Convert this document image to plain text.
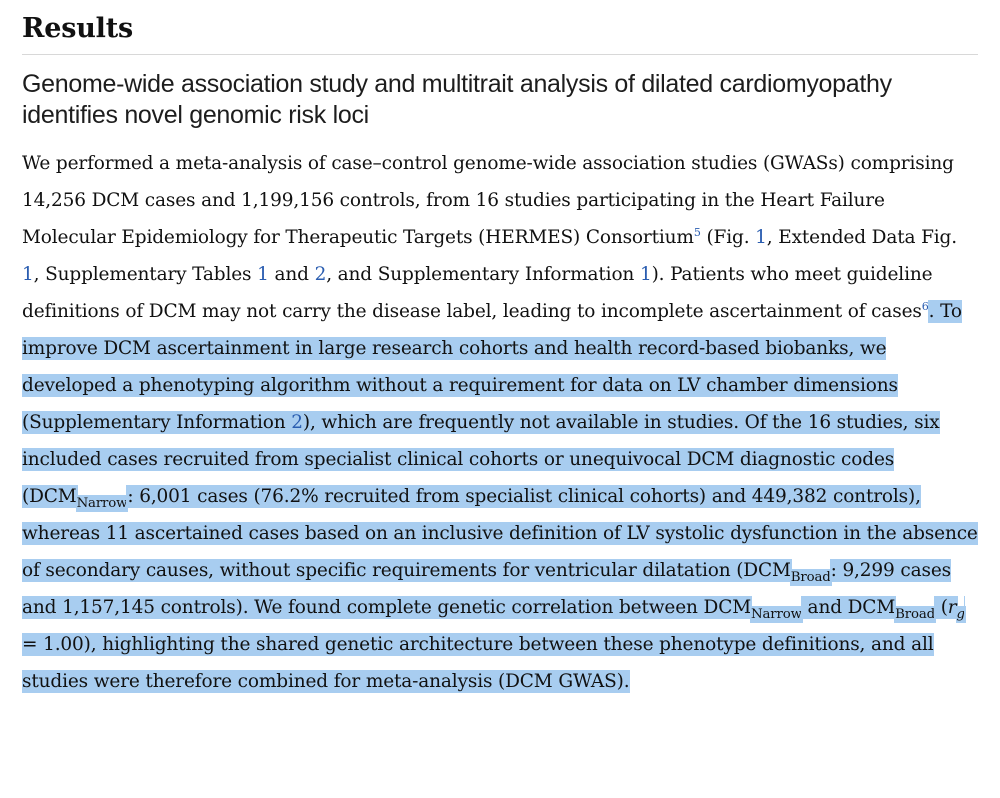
Results
Genome-wide association study and multitrait analysis of dilated cardiomyopathy identifies novel genomic risk loci

We performed a meta-analysis of case–control genome-wide association studies (GWASs) comprising 14,256 DCM cases and 1,199,156 controls, from 16 studies participating in the Heart Failure Molecular Epidemiology for Therapeutic Targets (HERMES) Consortium$^5$ (Fig. 1, Extended Data Fig. 1, Supplementary Tables 1 and 2, and Supplementary Information 1). Patients who meet guideline definitions of DCM may not carry the disease label, leading to incomplete ascertainment of cases$^6$. To improve DCM ascertainment in large research cohorts and health record-based biobanks, we developed a phenotyping algorithm without a requirement for data on LV chamber dimensions (Supplementary Information 2), which are frequently not available in studies. Of the 16 studies, six included cases recruited from specialist clinical cohorts or unequivocal DCM diagnostic codes ($DCM_{Narrow}$: 6,001 cases (76.2% recruited from specialist clinical cohorts) and 449,382 controls), whereas 11 ascertained cases based on an inclusive definition of LV systolic dysfunction in the absence of secondary causes, without specific requirements for ventricular dilatation ($DCM_{Broad}$: 9,299 cases and 1,157,145 controls). We found complete genetic correlation between $DCM_{Narrow}$ and $DCM_{Broad}$ $(r_g = 1.00)$, highlighting the shared genetic architecture between these phenotype definitions, and all studies were therefore combined for meta-analysis (DCM GWAS).
